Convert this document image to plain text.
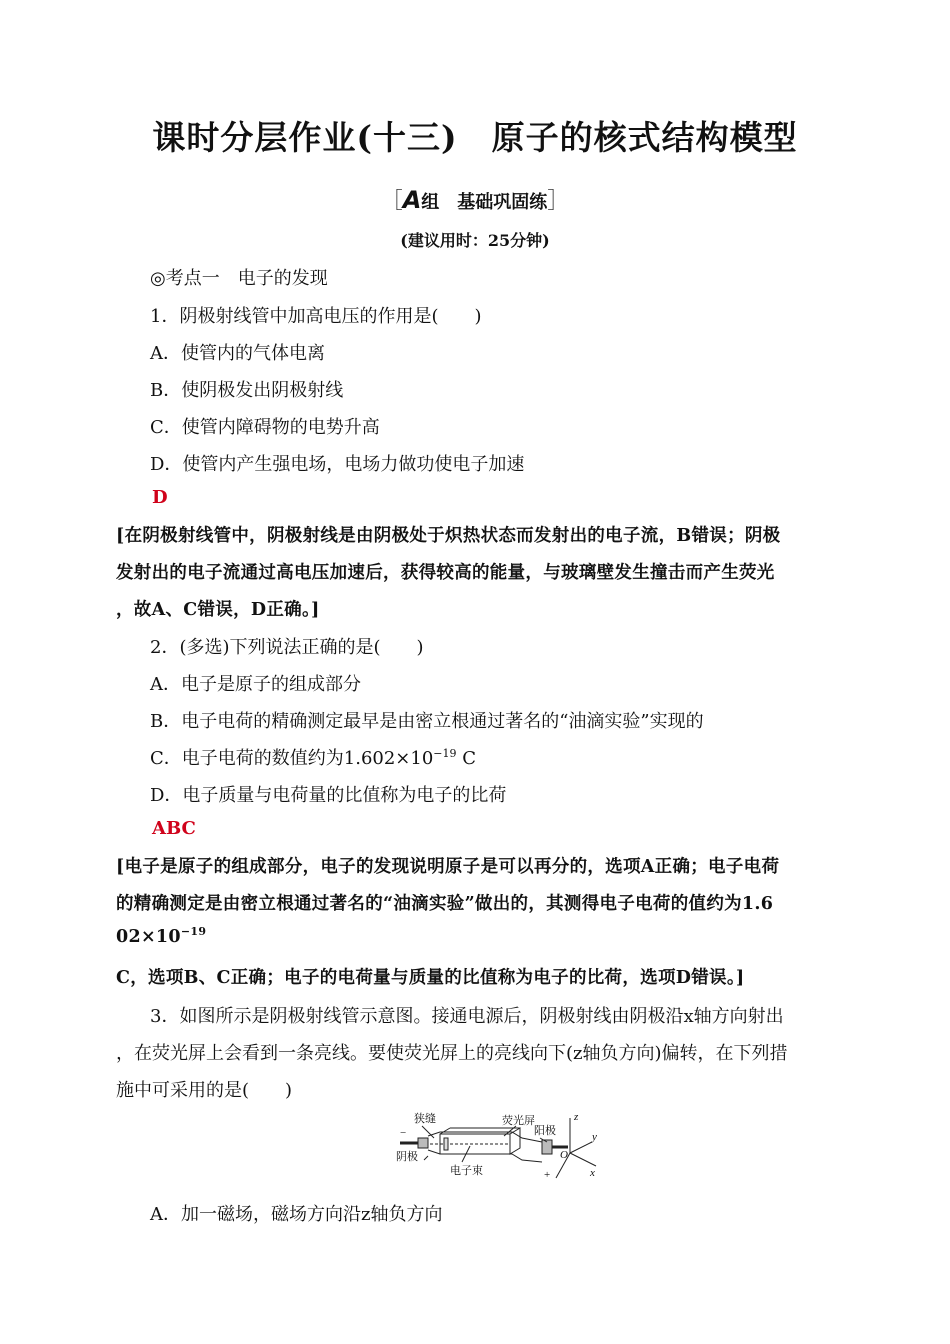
课时分层作业(十三)　原子的核式结构模型
［A组　基础巩固练］
(建议用时：25分钟)
◎考点一　电子的发现
1．阴极射线管中加高电压的作用是(　　)
A．使管内的气体电离
B．使阴极发出阴极射线
C．使管内障碍物的电势升高
D．使管内产生强电场，电场力做功使电子加速
D
[在阴极射线管中，阴极射线是由阴极处于炽热状态而发射出的电子流，B错误；阴极
发射出的电子流通过高电压加速后，获得较高的能量，与玻璃壁发生撞击而产生荧光
，故A、C错误，D正确。]
2．(多选)下列说法正确的是(　　)
A．电子是原子的组成部分
B．电子电荷的精确测定最早是由密立根通过著名的“油滴实验”实现的
C．电子电荷的数值约为$1.602\times 10^{-19}$ C
D．电子质量与电荷量的比值称为电子的比荷
ABC
[电子是原子的组成部分，电子的发现说明原子是可以再分的，选项A正确；电子电荷
的精确测定是由密立根通过著名的“油滴实验”做出的，其测得电子电荷的值约为1.6
$02\times 10^{-19}$
C，选项B、C正确；电子的电荷量与质量的比值称为电子的比荷，选项D错误。]
3．如图所示是阴极射线管示意图。接通电源后，阴极射线由阴极沿x轴方向射出
，在荧光屏上会看到一条亮线。要使荧光屏上的亮线向下(z轴负方向)偏转，在下列措
施中可采用的是(　　)
狭缝	荧光屏
阴极
阳极
电子束
−
+
z
y
x
O
A．加一磁场，磁场方向沿z轴负方向
